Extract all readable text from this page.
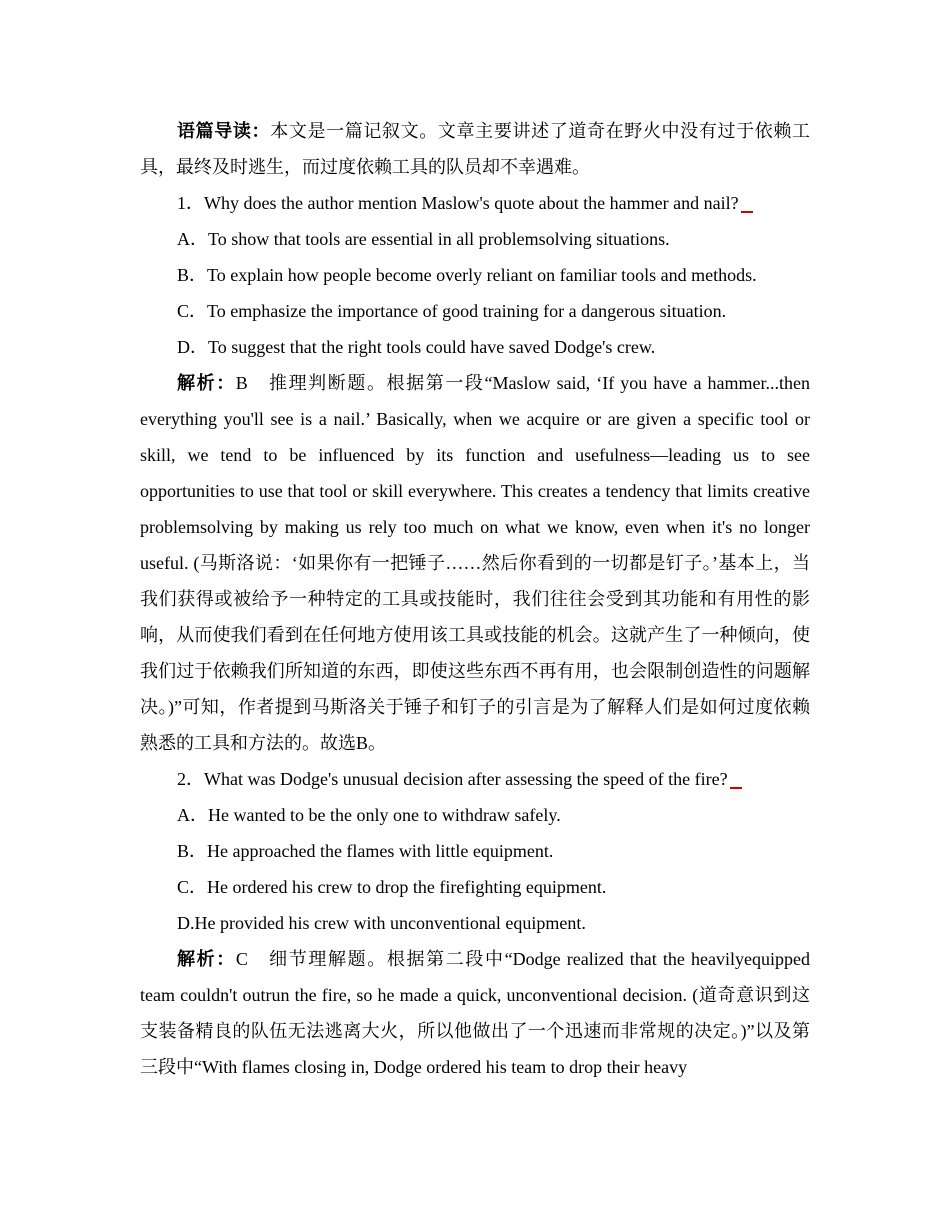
语篇导读：本文是一篇记叙文。文章主要讲述了道奇在野火中没有过于依赖工具，最终及时逃生，而过度依赖工具的队员却不幸遇难。

1．Why does the author mention Maslow's quote about the hammer and nail?

A．To show that tools are essential in all problemsolving situations.

B．To explain how people become overly reliant on familiar tools and methods.

C．To emphasize the importance of good training for a dangerous situation.

D．To suggest that the right tools could have saved Dodge's crew.

解析：B　推理判断题。根据第一段“Maslow said, ‘If you have a hammer...then everything you'll see is a nail.’ Basically, when we acquire or are given a specific tool or skill, we tend to be influenced by its function and usefulness—leading us to see opportunities to use that tool or skill everywhere. This creates a tendency that limits creative problemsolving by making us rely too much on what we know, even when it's no longer useful. (马斯洛说：‘如果你有一把锤子……然后你看到的一切都是钉子。’基本上，当我们获得或被给予一种特定的工具或技能时，我们往往会受到其功能和有用性的影响，从而使我们看到在任何地方使用该工具或技能的机会。这就产生了一种倾向，使我们过于依赖我们所知道的东西，即使这些东西不再有用，也会限制创造性的问题解决。)”可知，作者提到马斯洛关于锤子和钉子的引言是为了解释人们是如何过度依赖熟悉的工具和方法的。故选B。

2．What was Dodge's unusual decision after assessing the speed of the fire?

A．He wanted to be the only one to withdraw safely.

B．He approached the flames with little equipment.

C．He ordered his crew to drop the firefighting equipment.

D.He provided his crew with unconventional equipment.

解析：C　细节理解题。根据第二段中“Dodge realized that the heavilyequipped team couldn't outrun the fire, so he made a quick, unconventional decision. (道奇意识到这支装备精良的队伍无法逃离大火，所以他做出了一个迅速而非常规的决定。)”以及第三段中“With flames closing in, Dodge ordered his team to drop their heavy
